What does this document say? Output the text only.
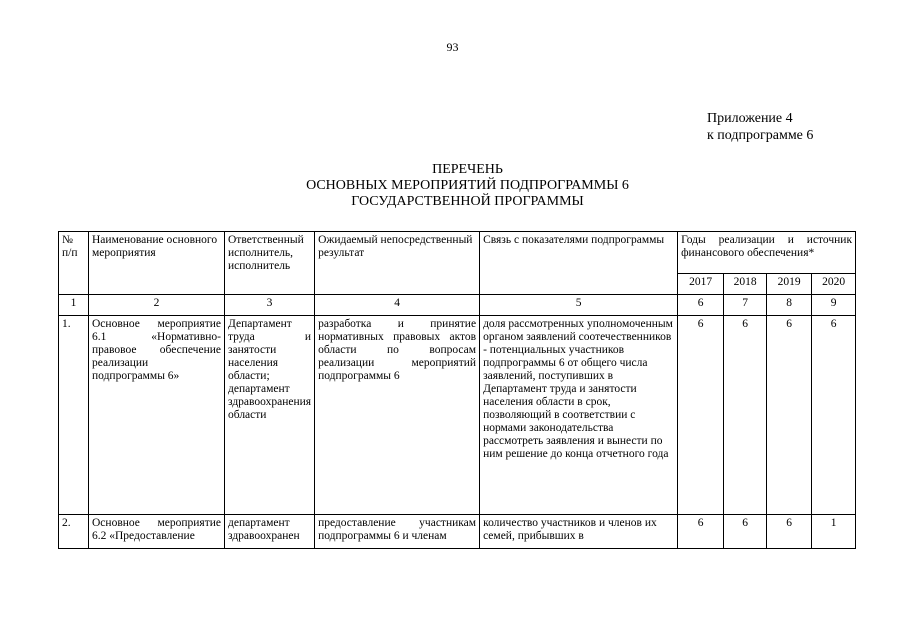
93
Приложение 4
к подпрограмме 6
ПЕРЕЧЕНЬ
ОСНОВНЫХ МЕРОПРИЯТИЙ ПОДПРОГРАММЫ 6
ГОСУДАРСТВЕННОЙ ПРОГРАММЫ
№ п/п	Наименование основного мероприятия	Ответственный исполнитель, исполнитель	Ожидаемый непосредственный результат	Связь с показателями подпрограммы	Годы реализации и источник финансового обеспечения*			
					2017	2018	2019	2020
1	2	3	4	5	6	7	8	9
1.	Основное мероприятие 6.1 «Нормативно-правовое обеспечение реализации подпрограммы 6»	Департамент труда и занятости населения области; департамент здравоохранения области	разработка и принятие нормативных правовых актов области по вопросам реализации мероприятий подпрограммы 6	доля рассмотренных уполномоченным органом заявлений соотечественников - потенциальных участников подпрограммы 6 от общего числа заявлений, поступивших в Департамент труда и занятости населения области в срок, позволяющий в соответствии с нормами законодательства рассмотреть заявления и вынести по ним решение до конца отчетного года	6	6	6	6
2.	Основное мероприятие 6.2 «Предоставление	департамент здравоохранен	предоставление участникам подпрограммы 6 и членам	количество участников и членов их семей, прибывших в	6	6	6	1
